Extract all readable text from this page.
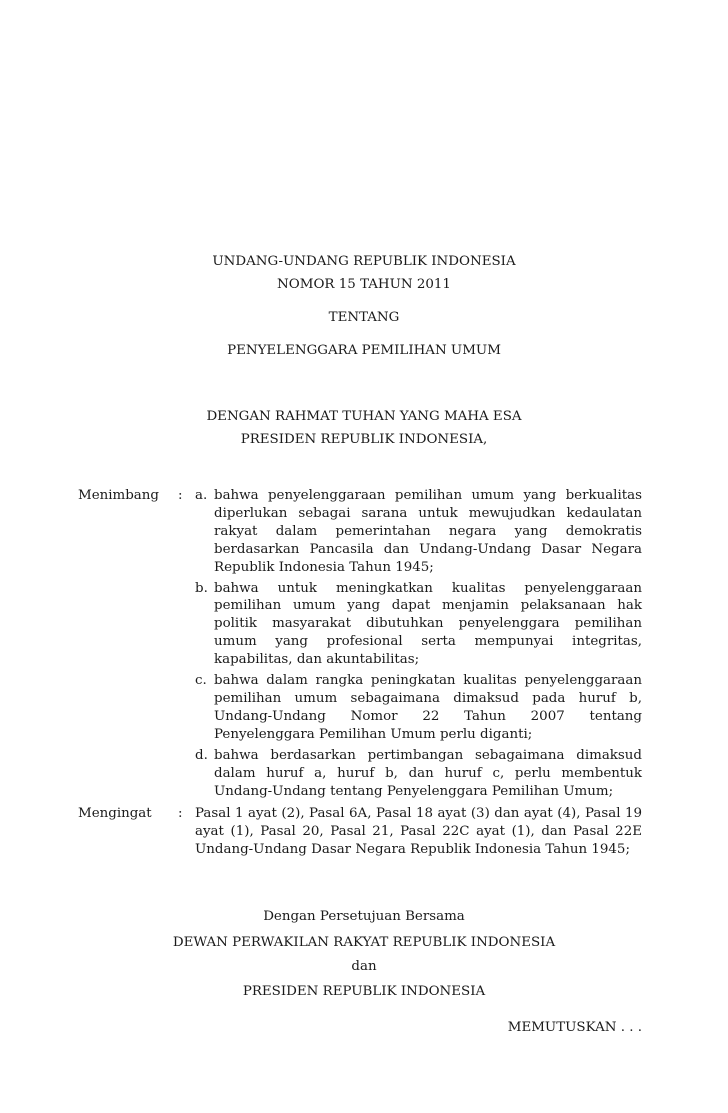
UNDANG-UNDANG REPUBLIK INDONESIA
NOMOR 15 TAHUN 2011
TENTANG
PENYELENGGARA PEMILIHAN UMUM
DENGAN RAHMAT TUHAN YANG MAHA ESA
PRESIDEN REPUBLIK INDONESIA,
Menimbang : a. bahwa penyelenggaraan pemilihan umum yang berkualitas diperlukan sebagai sarana untuk mewujudkan kedaulatan rakyat dalam pemerintahan negara yang demokratis berdasarkan Pancasila dan Undang-Undang Dasar Negara Republik Indonesia Tahun 1945;

b. bahwa untuk meningkatkan kualitas penyelenggaraan pemilihan umum yang dapat menjamin pelaksanaan hak politik masyarakat dibutuhkan penyelenggara pemilihan umum yang profesional serta mempunyai integritas, kapabilitas, dan akuntabilitas;

c. bahwa dalam rangka peningkatan kualitas penyelenggaraan pemilihan umum sebagaimana dimaksud pada huruf b, Undang-Undang Nomor 22 Tahun 2007 tentang Penyelenggara Pemilihan Umum perlu diganti;

d. bahwa berdasarkan pertimbangan sebagaimana dimaksud dalam huruf a, huruf b, dan huruf c, perlu membentuk Undang-Undang tentang Penyelenggara Pemilihan Umum;

Mengingat : Pasal 1 ayat (2), Pasal 6A, Pasal 18 ayat (3) dan ayat (4), Pasal 19 ayat (1), Pasal 20, Pasal 21, Pasal 22C ayat (1), dan Pasal 22E Undang-Undang Dasar Negara Republik Indonesia Tahun 1945;

Dengan Persetujuan Bersama
DEWAN PERWAKILAN RAKYAT REPUBLIK INDONESIA
dan
PRESIDEN REPUBLIK INDONESIA
MEMUTUSKAN . . .
